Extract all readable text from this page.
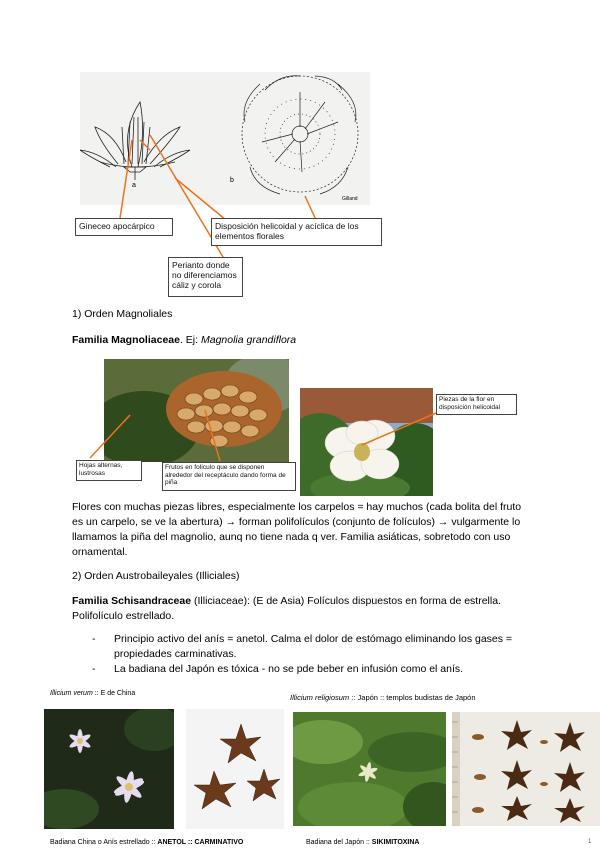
a
b
Gilland
Gineceo apocárpico	Disposición helicoidal y acíclica de los elementos florales
Perianto donde no diferenciamos cáliz y corola
1) Orden Magnoliales
Familia Magnoliaceae. Ej: Magnolia grandiflora
Hojas alternas, lustrosas
Frutos en folículo que se disponen alrededor del receptáculo dando forma de piña
Piezas de la flor en disposición helicoidal
Flores con muchas piezas libres, especialmente los carpelos = hay muchos (cada bolita del fruto es un carpelo, se ve la abertura) → forman polifolículos (conjunto de folículos) → vulgarmente lo llamamos la piña del magnolio, aunq no tiene nada q ver. Familia asiáticas, sobretodo con uso ornamental.
2) Orden Austrobaileyales (Illiciales)
Familia Schisandraceae (Illiciaceae): (E de Asia) Folículos dispuestos en forma de estrella. Polifolículo estrellado.
- Principio activo del anís = anetol. Calma el dolor de estómago eliminando los gases = propiedades carminativas.
- La badiana del Japón es tóxica - no se pde beber en infusión como el anís.
Illicium verum :: E de China	Illicium religiosum :: Japón :: templos budistas de Japón
Badiana China o Anís estrellado :: ANETOL :: CARMINATIVO	Badiana del Japón :: SIKIMITOXINA	1
